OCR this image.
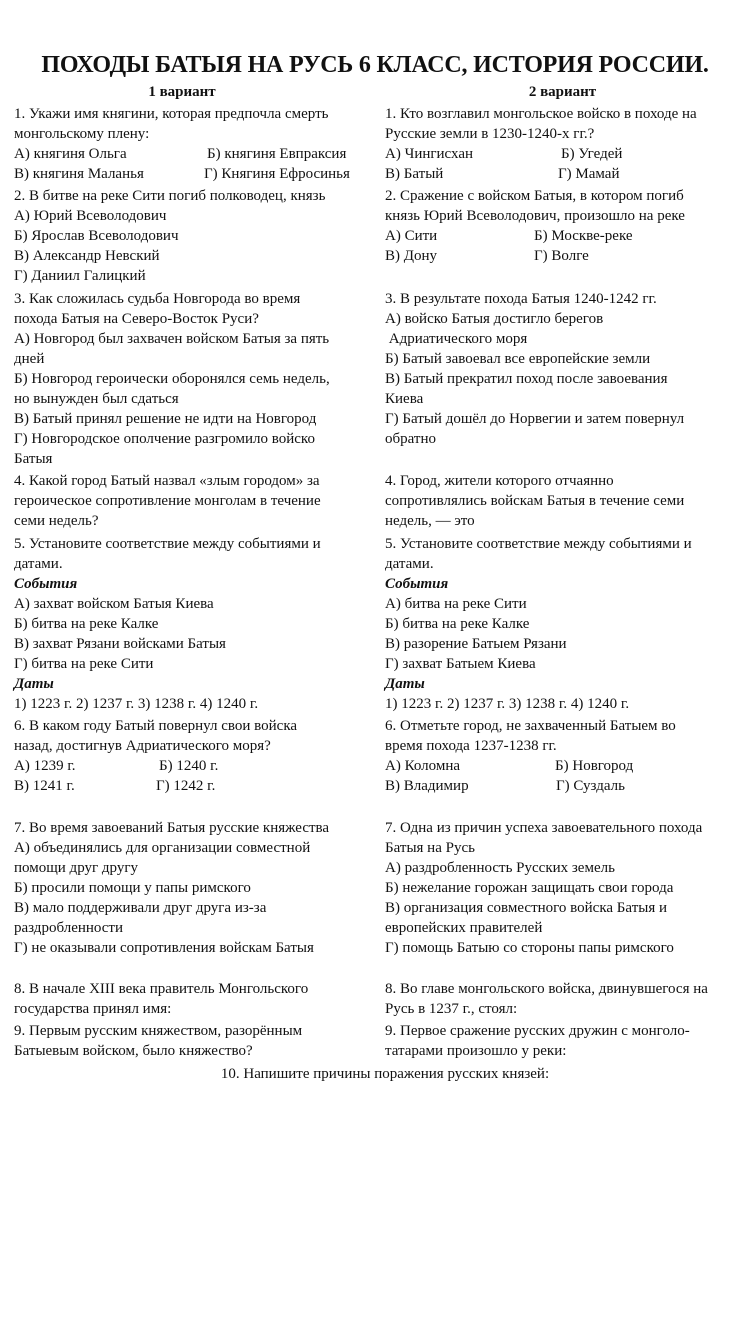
ПОХОДЫ БАТЫЯ НА РУСЬ 6 КЛАСС, ИСТОРИЯ РОССИИ.
1 вариант
1. Укажи имя княгини, которая предпочла смерть
монгольскому плену:
А) княгиня Ольга	Б) княгиня Евпраксия
В) княгиня Маланья	Г) Княгиня Ефросинья
2. В битве на реке Сити погиб полководец, князь
А) Юрий Всеволодович
Б) Ярослав Всеволодович
В) Александр Невский
Г) Даниил Галицкий
3. Как сложилась судьба Новгорода во время
похода Батыя на Северо-Восток Руси?
А) Новгород был захвачен войском Батыя за пять
дней
Б) Новгород героически оборонялся семь недель,
но вынужден был сдаться
В) Батый принял решение не идти на Новгород
Г) Новгородское ополчение разгромило войско
Батыя
4. Какой город Батый назвал «злым городом» за
героическое сопротивление монголам в течение
семи недель?
5. Установите соответствие между событиями и
датами.
События
А) захват войском Батыя Киева
Б) битва на реке Калке
В) захват Рязани войсками Батыя
Г) битва на реке Сити
Даты
1) 1223 г. 2) 1237 г. 3) 1238 г. 4) 1240 г.
6. В каком году Батый повернул свои войска
назад, достигнув Адриатического моря?
А) 1239 г.	Б) 1240 г.
В) 1241 г.	Г) 1242 г.
7. Во время завоеваний Батыя русские княжества
А) объединялись для организации совместной
помощи друг другу
Б) просили помощи у папы римского
В) мало поддерживали друг друга из-за
раздробленности
Г) не оказывали сопротивления войскам Батыя
8. В начале XIII века правитель Монгольского
государства принял имя:
9. Первым русским княжеством, разорённым
Батыевым войском, было княжество?
2 вариант
1. Кто возглавил монгольское войско в походе на
Русские земли в 1230-1240-х гг.?
А) Чингисхан	Б) Угедей
В) Батый	Г) Мамай
2. Сражение с войском Батыя, в котором погиб
князь Юрий Всеволодович, произошло на реке
А) Сити	Б) Москве-реке
В) Дону	Г) Волге
3. В результате похода Батыя 1240-1242 гг.
А) войско Батыя достигло берегов
Адриатического моря
Б) Батый завоевал все европейские земли
В) Батый прекратил поход после завоевания
Киева
Г) Батый дошёл до Норвегии и затем повернул
обратно
4. Город, жители которого отчаянно
сопротивлялись войскам Батыя в течение семи
недель, — это
5. Установите соответствие между событиями и
датами.
События
А) битва на реке Сити
Б) битва на реке Калке
В) разорение Батыем Рязани
Г) захват Батыем Киева
Даты
1) 1223 г. 2) 1237 г. 3) 1238 г. 4) 1240 г.
6. Отметьте город, не захваченный Батыем во
время похода 1237-1238 гг.
А) Коломна	Б) Новгород
В) Владимир	Г) Суздаль
7. Одна из причин успеха завоевательного похода
Батыя на Русь
А) раздробленность Русских земель
Б) нежелание горожан защищать свои города
В) организация совместного войска Батыя и
европейских правителей
Г) помощь Батыю со стороны папы римского
8. Во главе монгольского войска, двинувшегося на
Русь в 1237 г., стоял:
9. Первое сражение русских дружин с монголо-
татарами произошло у реки:
10. Напишите причины поражения русских князей:
